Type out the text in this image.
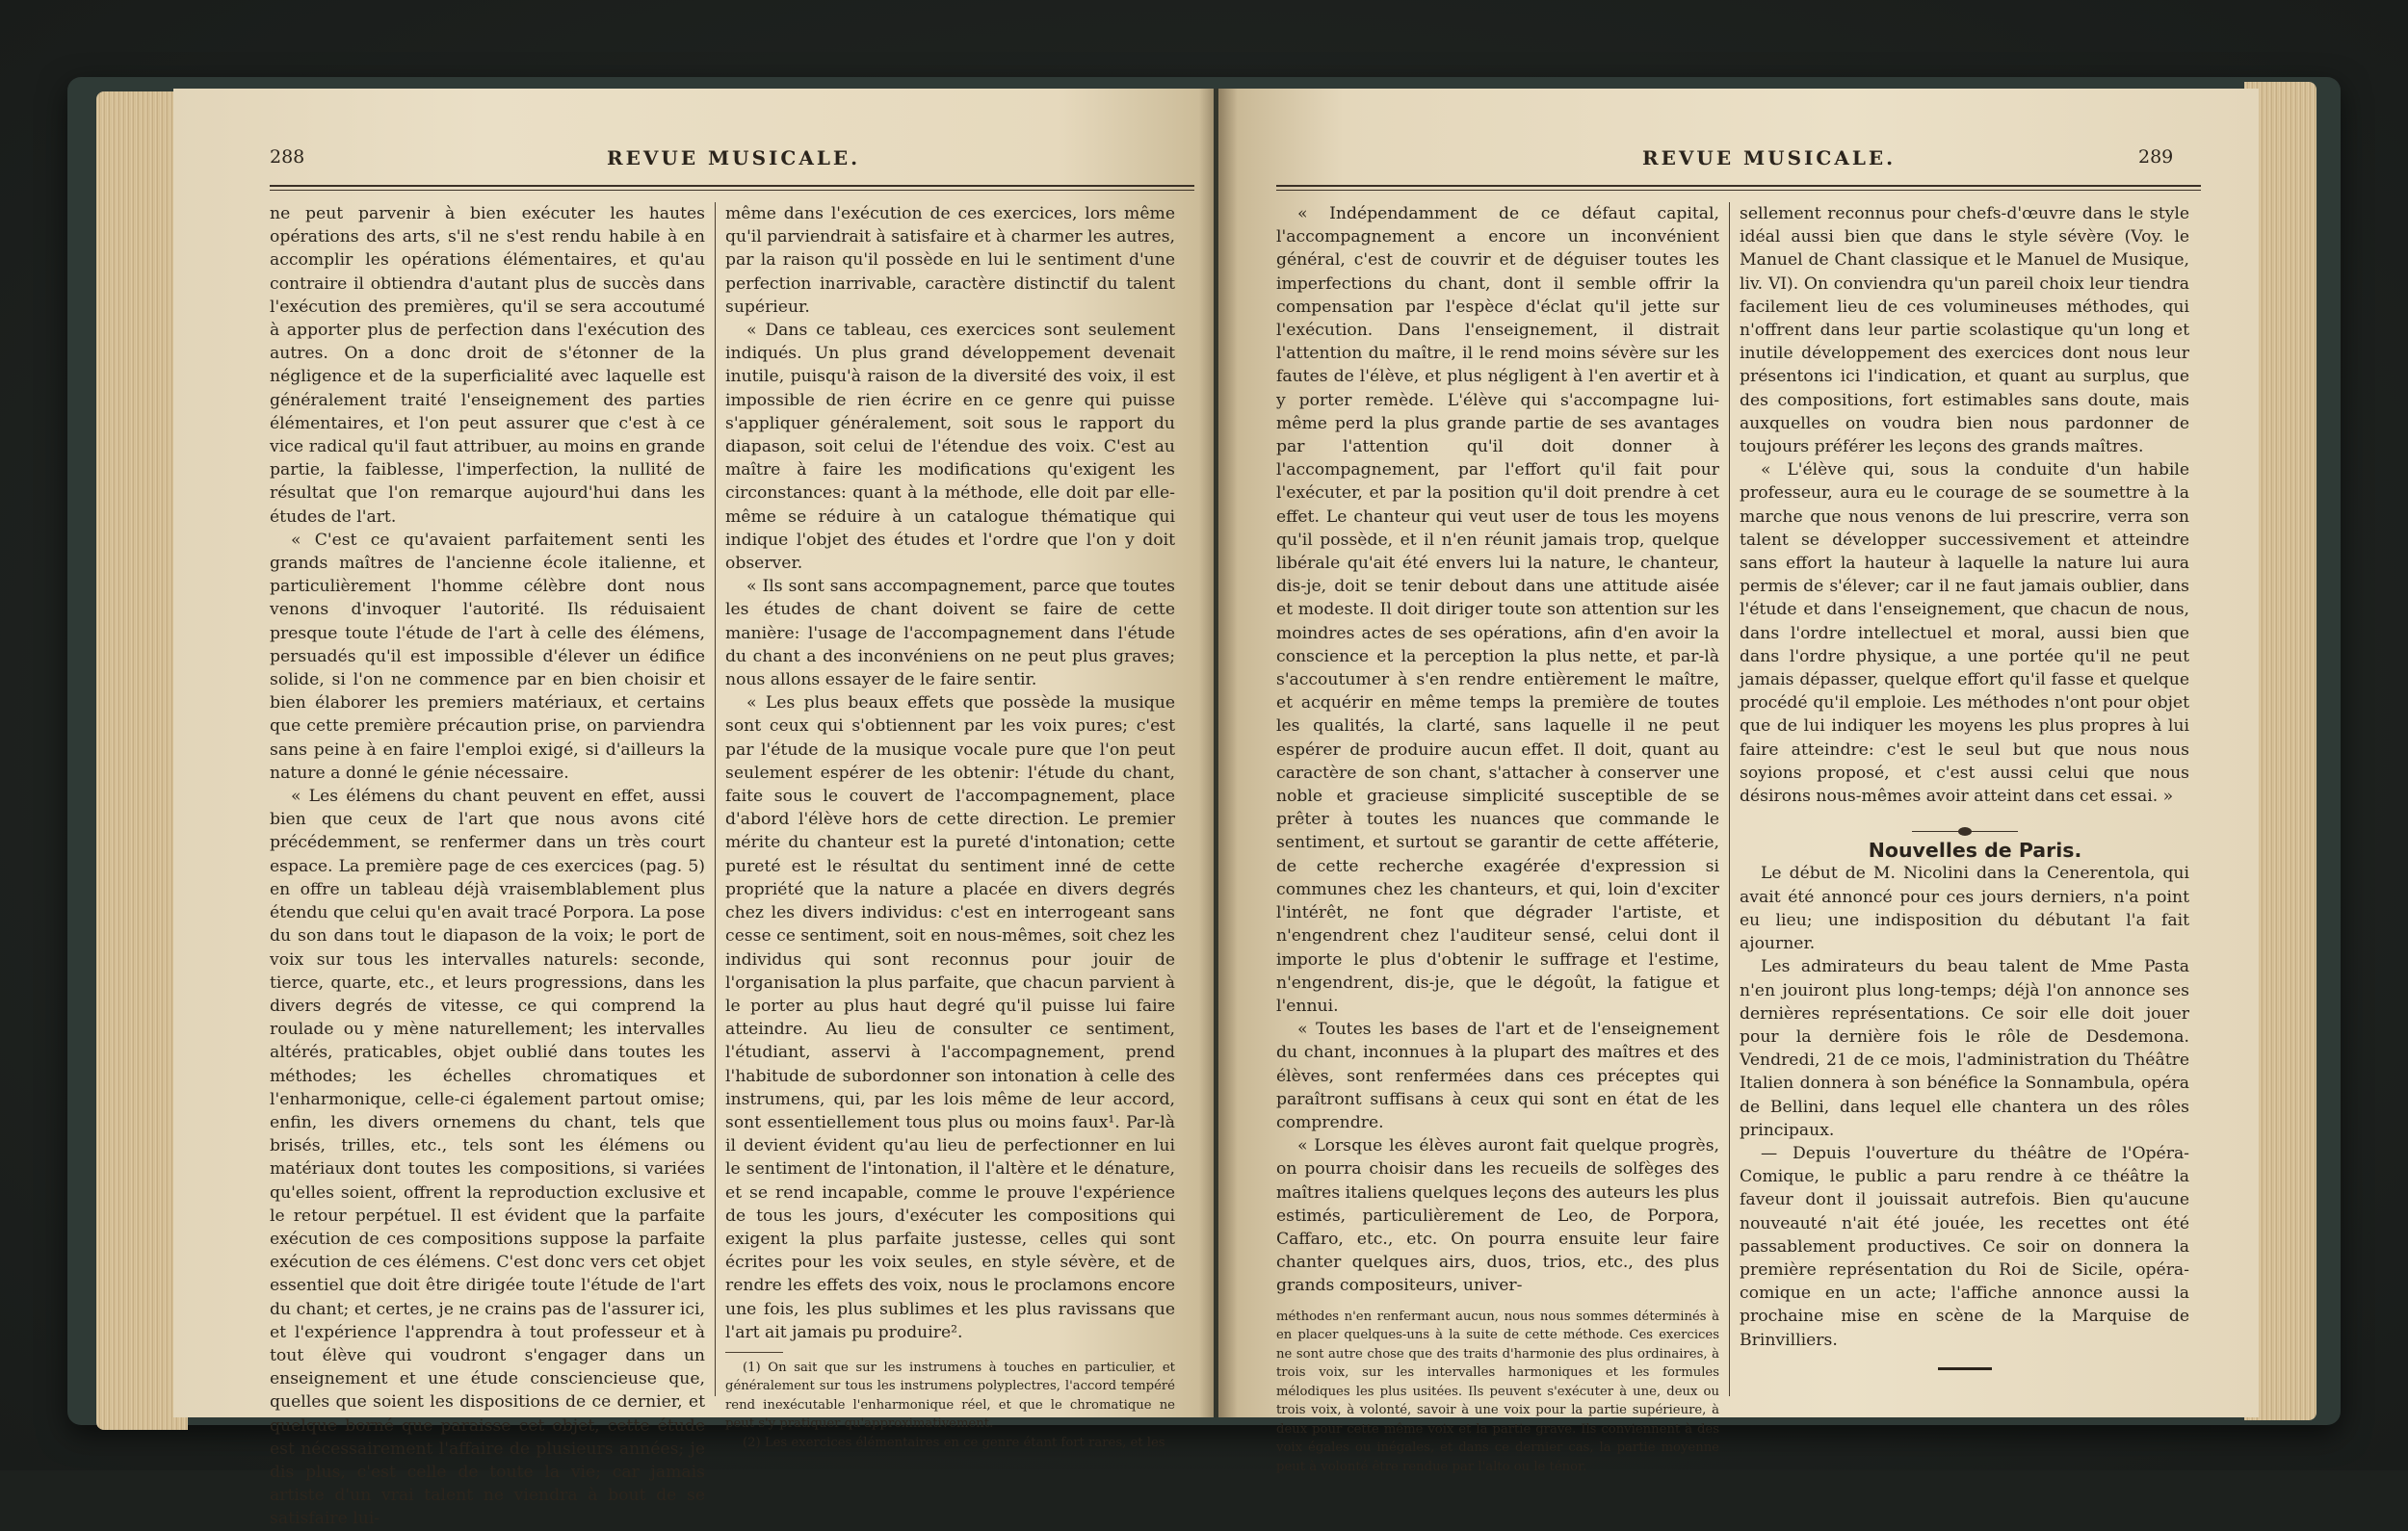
288	REVUE MUSICALE.

ne peut parvenir à bien exécuter les hautes opérations des arts, s'il ne s'est rendu habile à en accomplir les opérations élémentaires, et qu'au contraire il obtiendra d'autant plus de succès dans l'exécution des premières, qu'il se sera accoutumé à apporter plus de perfection dans l'exécution des autres. On a donc droit de s'étonner de la négligence et de la superficialité avec laquelle est généralement traité l'enseignement des parties élémentaires, et l'on peut assurer que c'est à ce vice radical qu'il faut attribuer, au moins en grande partie, la faiblesse, l'imperfection, la nullité de résultat que l'on remarque aujourd'hui dans les études de l'art.

« C'est ce qu'avaient parfaitement senti les grands maîtres de l'ancienne école italienne, et particulièrement l'homme célèbre dont nous venons d'invoquer l'autorité. Ils réduisaient presque toute l'étude de l'art à celle des élémens, persuadés qu'il est impossible d'élever un édifice solide, si l'on ne commence par en bien choisir et bien élaborer les premiers matériaux, et certains que cette première précaution prise, on parviendra sans peine à en faire l'emploi exigé, si d'ailleurs la nature a donné le génie nécessaire.

« Les élémens du chant peuvent en effet, aussi bien que ceux de l'art que nous avons cité précédemment, se renfermer dans un très court espace. La première page de ces exercices (pag. 5) en offre un tableau déjà vraisemblablement plus étendu que celui qu'en avait tracé Porpora. La pose du son dans tout le diapason de la voix; le port de voix sur tous les intervalles naturels: seconde, tierce, quarte, etc., et leurs progressions, dans les divers degrés de vitesse, ce qui comprend la roulade ou y mène naturellement; les intervalles altérés, praticables, objet oublié dans toutes les méthodes; les échelles chromatiques et l'enharmonique, celle-ci également partout omise; enfin, les divers ornemens du chant, tels que brisés, trilles, etc., tels sont les élémens ou matériaux dont toutes les compositions, si variées qu'elles soient, offrent la reproduction exclusive et le retour perpétuel. Il est évident que la parfaite exécution de ces compositions suppose la parfaite exécution de ces élémens. C'est donc vers cet objet essentiel que doit être dirigée toute l'étude de l'art du chant; et certes, je ne crains pas de l'assurer ici, et l'expérience l'apprendra à tout professeur et à tout élève qui voudront s'engager dans un enseignement et une étude consciencieuse que, quelles que soient les dispositions de ce dernier, et quelque borné que paraisse cet objet, cette étude est nécessairement l'affaire de plusieurs années; je dis plus, c'est celle de toute la vie; car jamais artiste d'un vrai talent ne viendra à bout de se satisfaire lui-

même dans l'exécution de ces exercices, lors même qu'il parviendrait à satisfaire et à charmer les autres, par la raison qu'il possède en lui le sentiment d'une perfection inarrivable, caractère distinctif du talent supérieur.

« Dans ce tableau, ces exercices sont seulement indiqués. Un plus grand développement devenait inutile, puisqu'à raison de la diversité des voix, il est impossible de rien écrire en ce genre qui puisse s'appliquer généralement, soit sous le rapport du diapason, soit celui de l'étendue des voix. C'est au maître à faire les modifications qu'exigent les circonstances: quant à la méthode, elle doit par elle-même se réduire à un catalogue thématique qui indique l'objet des études et l'ordre que l'on y doit observer.

« Ils sont sans accompagnement, parce que toutes les études de chant doivent se faire de cette manière: l'usage de l'accompagnement dans l'étude du chant a des inconvéniens on ne peut plus graves; nous allons essayer de le faire sentir.

« Les plus beaux effets que possède la musique sont ceux qui s'obtiennent par les voix pures; c'est par l'étude de la musique vocale pure que l'on peut seulement espérer de les obtenir: l'étude du chant, faite sous le couvert de l'accompagnement, place d'abord l'élève hors de cette direction. Le premier mérite du chanteur est la pureté d'intonation; cette pureté est le résultat du sentiment inné de cette propriété que la nature a placée en divers degrés chez les divers individus: c'est en interrogeant sans cesse ce sentiment, soit en nous-mêmes, soit chez les individus qui sont reconnus pour jouir de l'organisation la plus parfaite, que chacun parvient à le porter au plus haut degré qu'il puisse lui faire atteindre. Au lieu de consulter ce sentiment, l'étudiant, asservi à l'accompagnement, prend l'habitude de subordonner son intonation à celle des instrumens, qui, par les lois même de leur accord, sont essentiellement tous plus ou moins faux¹. Par-là il devient évident qu'au lieu de perfectionner en lui le sentiment de l'intonation, il l'altère et le dénature, et se rend incapable, comme le prouve l'expérience de tous les jours, d'exécuter les compositions qui exigent la plus parfaite justesse, celles qui sont écrites pour les voix seules, en style sévère, et de rendre les effets des voix, nous le proclamons encore une fois, les plus sublimes et les plus ravissans que l'art ait jamais pu produire².

(1) On sait que sur les instrumens à touches en particulier, et généralement sur tous les instrumens polyplectres, l'accord tempéré rend inexécutable l'enharmonique réel, et que le chromatique ne peut s'y pratiquer qu'approximativement.

(2) Les exercices élémentaires en ce genre étant fort rares, et les

REVUE MUSICALE.	289

« Indépendamment de ce défaut capital, l'accompagnement a encore un inconvénient général, c'est de couvrir et de déguiser toutes les imperfections du chant, dont il semble offrir la compensation par l'espèce d'éclat qu'il jette sur l'exécution. Dans l'enseignement, il distrait l'attention du maître, il le rend moins sévère sur les fautes de l'élève, et plus négligent à l'en avertir et à y porter remède. L'élève qui s'accompagne lui-même perd la plus grande partie de ses avantages par l'attention qu'il doit donner à l'accompagnement, par l'effort qu'il fait pour l'exécuter, et par la position qu'il doit prendre à cet effet. Le chanteur qui veut user de tous les moyens qu'il possède, et il n'en réunit jamais trop, quelque libérale qu'ait été envers lui la nature, le chanteur, dis-je, doit se tenir debout dans une attitude aisée et modeste. Il doit diriger toute son attention sur les moindres actes de ses opérations, afin d'en avoir la conscience et la perception la plus nette, et par-là s'accoutumer à s'en rendre entièrement le maître, et acquérir en même temps la première de toutes les qualités, la clarté, sans laquelle il ne peut espérer de produire aucun effet. Il doit, quant au caractère de son chant, s'attacher à conserver une noble et gracieuse simplicité susceptible de se prêter à toutes les nuances que commande le sentiment, et surtout se garantir de cette afféterie, de cette recherche exagérée d'expression si communes chez les chanteurs, et qui, loin d'exciter l'intérêt, ne font que dégrader l'artiste, et n'engendrent chez l'auditeur sensé, celui dont il importe le plus d'obtenir le suffrage et l'estime, n'engendrent, dis-je, que le dégoût, la fatigue et l'ennui.

« Toutes les bases de l'art et de l'enseignement du chant, inconnues à la plupart des maîtres et des élèves, sont renfermées dans ces préceptes qui paraîtront suffisans à ceux qui sont en état de les comprendre.

« Lorsque les élèves auront fait quelque progrès, on pourra choisir dans les recueils de solfèges des maîtres italiens quelques leçons des auteurs les plus estimés, particulièrement de Leo, de Porpora, Caffaro, etc., etc. On pourra ensuite leur faire chanter quelques airs, duos, trios, etc., des plus grands compositeurs, univer-

méthodes n'en renfermant aucun, nous nous sommes déterminés à en placer quelques-uns à la suite de cette méthode. Ces exercices ne sont autre chose que des traits d'harmonie des plus ordinaires, à trois voix, sur les intervalles harmoniques et les formules mélodiques les plus usitées. Ils peuvent s'exécuter à une, deux ou trois voix, à volonté, savoir à une voix pour la partie supérieure, à deux pour cette même voix et la partie grave. Ils conviennent à des voix égales ou inégales, et dans ce dernier cas, la partie moyenne peut à volonté être rendue par l'alto ou le ténor.

sellement reconnus pour chefs-d'œuvre dans le style idéal aussi bien que dans le style sévère (Voy. le Manuel de Chant classique et le Manuel de Musique, liv. VI). On conviendra qu'un pareil choix leur tiendra facilement lieu de ces volumineuses méthodes, qui n'offrent dans leur partie scolastique qu'un long et inutile développement des exercices dont nous leur présentons ici l'indication, et quant au surplus, que des compositions, fort estimables sans doute, mais auxquelles on voudra bien nous pardonner de toujours préférer les leçons des grands maîtres.

« L'élève qui, sous la conduite d'un habile professeur, aura eu le courage de se soumettre à la marche que nous venons de lui prescrire, verra son talent se développer successivement et atteindre sans effort la hauteur à laquelle la nature lui aura permis de s'élever; car il ne faut jamais oublier, dans l'étude et dans l'enseignement, que chacun de nous, dans l'ordre intellectuel et moral, aussi bien que dans l'ordre physique, a une portée qu'il ne peut jamais dépasser, quelque effort qu'il fasse et quelque procédé qu'il emploie. Les méthodes n'ont pour objet que de lui indiquer les moyens les plus propres à lui faire atteindre: c'est le seul but que nous nous soyions proposé, et c'est aussi celui que nous désirons nous-mêmes avoir atteint dans cet essai. »

Nouvelles de Paris.

Le début de M. Nicolini dans la Cenerentola, qui avait été annoncé pour ces jours derniers, n'a point eu lieu; une indisposition du débutant l'a fait ajourner.

Les admirateurs du beau talent de Mme Pasta n'en jouiront plus long-temps; déjà l'on annonce ses dernières représentations. Ce soir elle doit jouer pour la dernière fois le rôle de Desdemona. Vendredi, 21 de ce mois, l'administration du Théâtre Italien donnera à son bénéfice la Sonnambula, opéra de Bellini, dans lequel elle chantera un des rôles principaux.

— Depuis l'ouverture du théâtre de l'Opéra-Comique, le public a paru rendre à ce théâtre la faveur dont il jouissait autrefois. Bien qu'aucune nouveauté n'ait été jouée, les recettes ont été passablement productives. Ce soir on donnera la première représentation du Roi de Sicile, opéra-comique en un acte; l'affiche annonce aussi la prochaine mise en scène de la Marquise de Brinvilliers.
